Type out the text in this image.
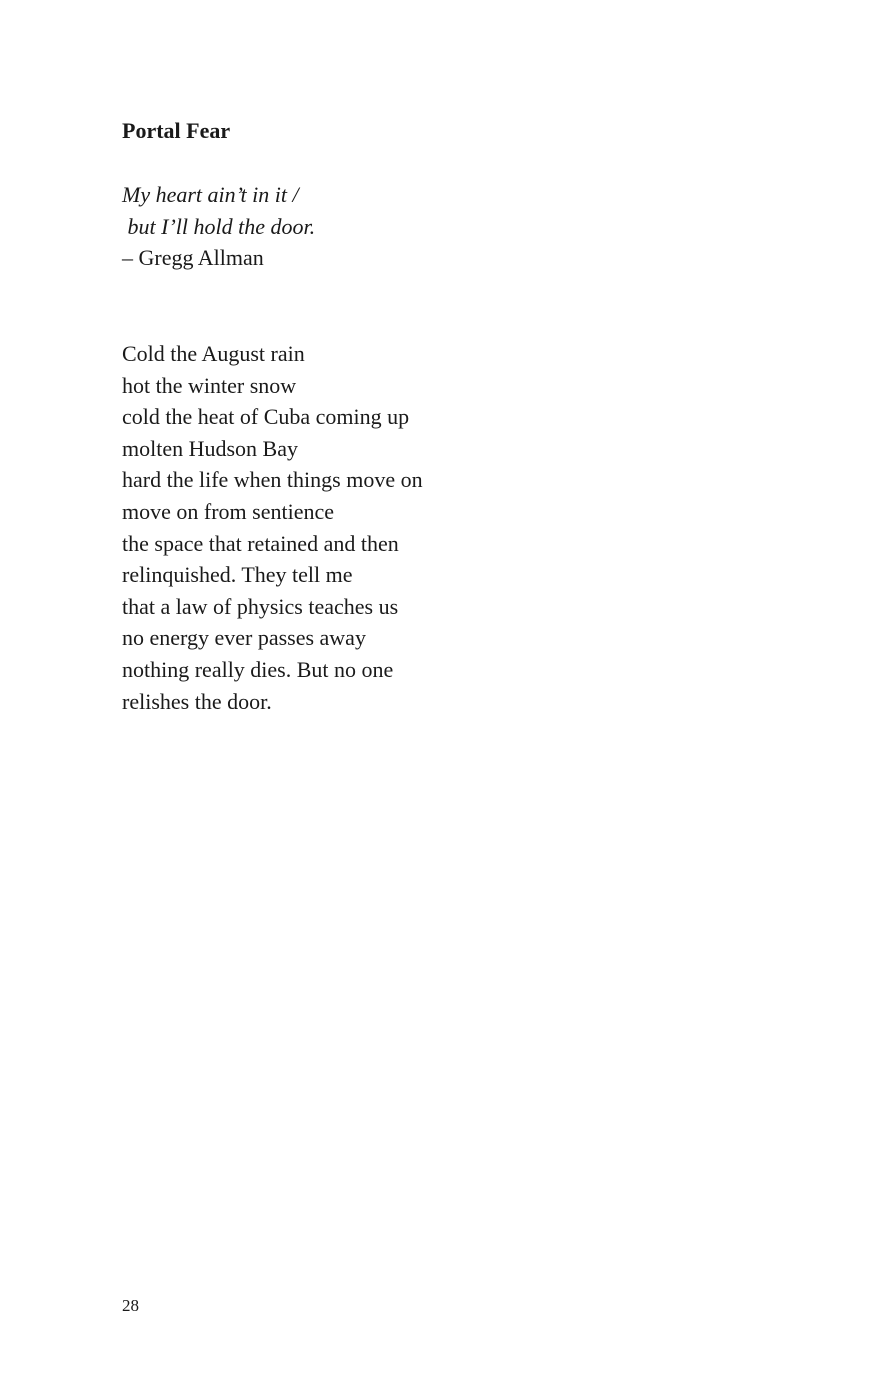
Portal Fear
My heart ain’t in it /
but I’ll hold the door.
– Gregg Allman
Cold the August rain
hot the winter snow
cold the heat of Cuba coming up
molten Hudson Bay
hard the life when things move on
move on from sentience
the space that retained and then
relinquished. They tell me
that a law of physics teaches us
no energy ever passes away
nothing really dies. But no one
relishes the door.
28
